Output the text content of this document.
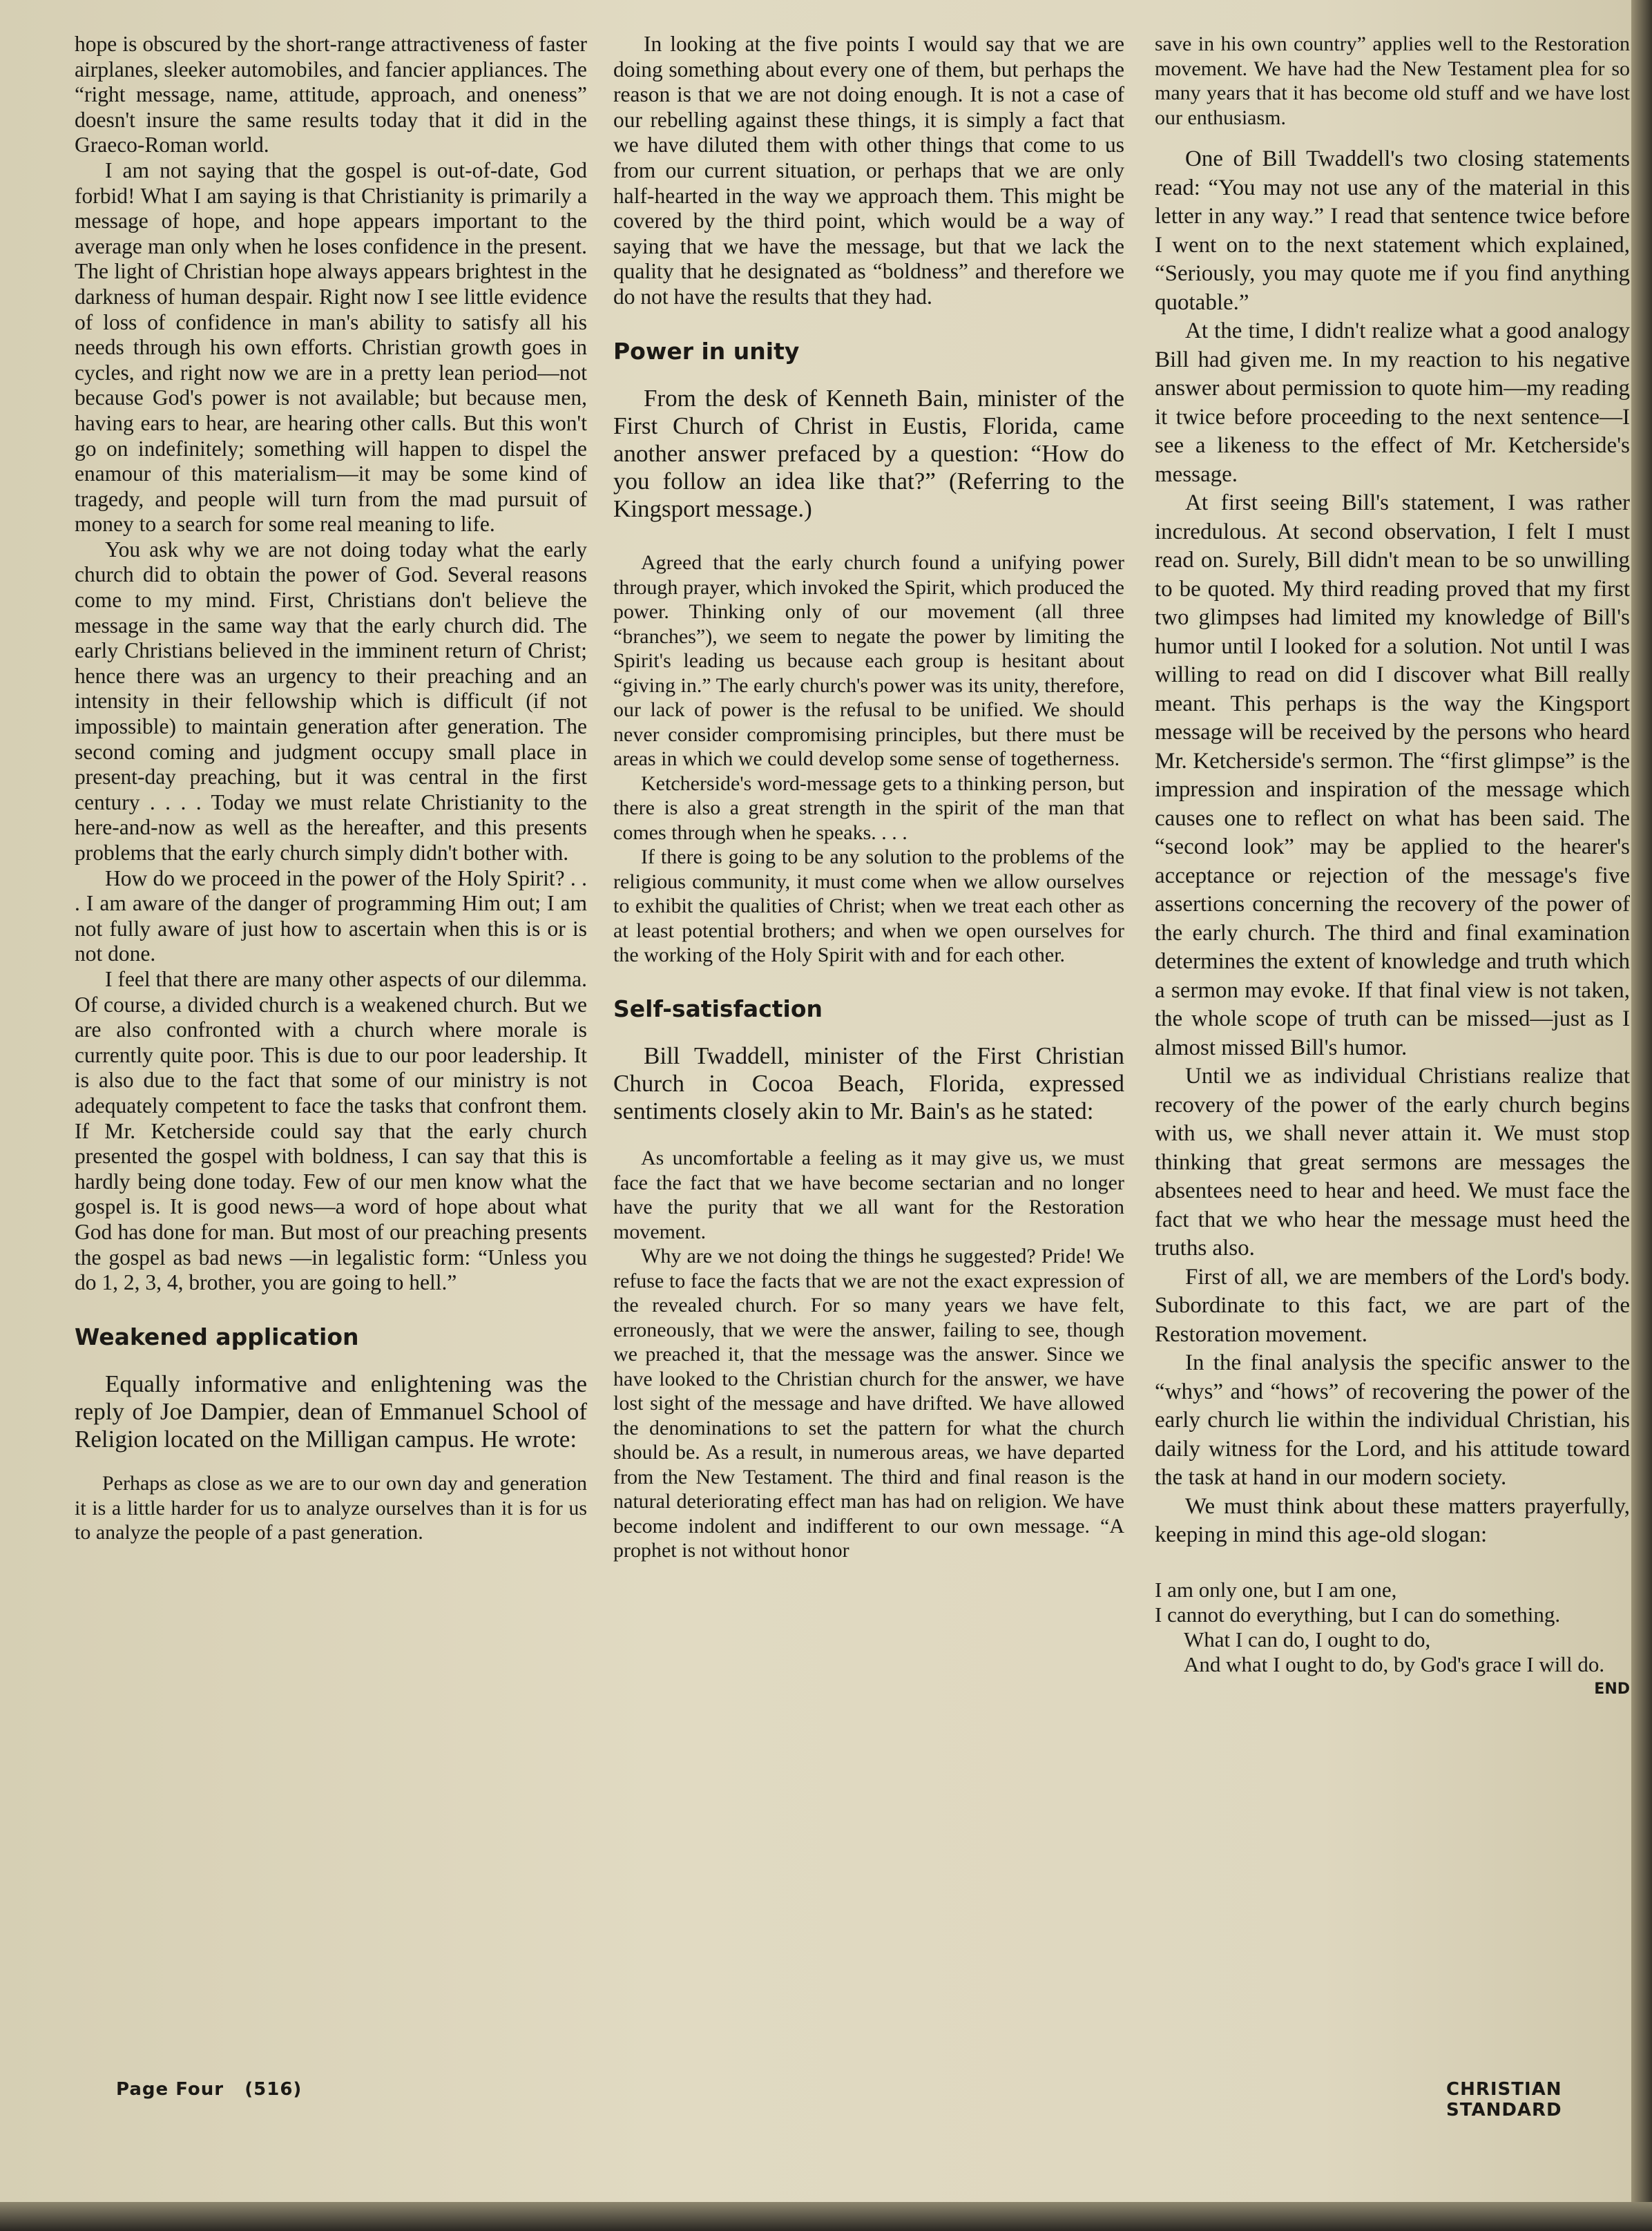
hope is obscured by the short-range attractiveness of faster airplanes, sleeker automobiles, and fancier appliances. The “right message, name, attitude, approach, and oneness” doesn't insure the same results today that it did in the Graeco-Roman world.

I am not saying that the gospel is out-of-date, God forbid! What I am saying is that Christianity is primarily a message of hope, and hope appears important to the average man only when he loses confidence in the present. The light of Christian hope always appears brightest in the darkness of human despair. Right now I see little evidence of loss of confidence in man's ability to satisfy all his needs through his own efforts. Christian growth goes in cycles, and right now we are in a pretty lean period—not because God's power is not available; but because men, having ears to hear, are hearing other calls. But this won't go on indefinitely; something will happen to dispel the enamour of this materialism—it may be some kind of tragedy, and people will turn from the mad pursuit of money to a search for some real meaning to life.

You ask why we are not doing today what the early church did to obtain the power of God. Several reasons come to my mind. First, Christians don't believe the message in the same way that the early church did. The early Christians believed in the imminent return of Christ; hence there was an urgency to their preaching and an intensity in their fellowship which is difficult (if not impossible) to maintain generation after generation. The second coming and judgment occupy small place in present-day preaching, but it was central in the first century . . . . Today we must relate Christianity to the here-and-now as well as the hereafter, and this presents problems that the early church simply didn't bother with.

How do we proceed in the power of the Holy Spirit? . . . I am aware of the danger of programming Him out; I am not fully aware of just how to ascertain when this is or is not done.

I feel that there are many other aspects of our dilemma. Of course, a divided church is a weakened church. But we are also confronted with a church where morale is currently quite poor. This is due to our poor leadership. It is also due to the fact that some of our ministry is not adequately competent to face the tasks that confront them. If Mr. Ketcherside could say that the early church presented the gospel with boldness, I can say that this is hardly being done today. Few of our men know what the gospel is. It is good news—a word of hope about what God has done for man. But most of our preaching presents the gospel as bad news —in legalistic form: “Unless you do 1, 2, 3, 4, brother, you are going to hell.”

Weakened application

Equally informative and enlightening was the reply of Joe Dampier, dean of Emmanuel School of Religion located on the Milligan campus. He wrote:

Perhaps as close as we are to our own day and generation it is a little harder for us to analyze ourselves than it is for us to analyze the people of a past generation.

In looking at the five points I would say that we are doing something about every one of them, but perhaps the reason is that we are not doing enough. It is not a case of our rebelling against these things, it is simply a fact that we have diluted them with other things that come to us from our current situation, or perhaps that we are only half-hearted in the way we approach them. This might be covered by the third point, which would be a way of saying that we have the message, but that we lack the quality that he designated as “boldness” and therefore we do not have the results that they had.

Power in unity

From the desk of Kenneth Bain, minister of the First Church of Christ in Eustis, Florida, came another answer prefaced by a question: “How do you follow an idea like that?” (Referring to the Kingsport message.)

Agreed that the early church found a unifying power through prayer, which invoked the Spirit, which produced the power. Thinking only of our movement (all three “branches”), we seem to negate the power by limiting the Spirit's leading us because each group is hesitant about “giving in.” The early church's power was its unity, therefore, our lack of power is the refusal to be unified. We should never consider compromising principles, but there must be areas in which we could develop some sense of togetherness.

Ketcherside's word-message gets to a thinking person, but there is also a great strength in the spirit of the man that comes through when he speaks. . . .

If there is going to be any solution to the problems of the religious community, it must come when we allow ourselves to exhibit the qualities of Christ; when we treat each other as at least potential brothers; and when we open ourselves for the working of the Holy Spirit with and for each other.

Self-satisfaction

Bill Twaddell, minister of the First Christian Church in Cocoa Beach, Florida, expressed sentiments closely akin to Mr. Bain's as he stated:

As uncomfortable a feeling as it may give us, we must face the fact that we have become sectarian and no longer have the purity that we all want for the Restoration movement.

Why are we not doing the things he suggested? Pride! We refuse to face the facts that we are not the exact expression of the revealed church. For so many years we have felt, erroneously, that we were the answer, failing to see, though we preached it, that the message was the answer. Since we have looked to the Christian church for the answer, we have lost sight of the message and have drifted. We have allowed the denominations to set the pattern for what the church should be. As a result, in numerous areas, we have departed from the New Testament. The third and final reason is the natural deteriorating effect man has had on religion. We have become indolent and indifferent to our own message. “A prophet is not without honor

save in his own country” applies well to the Restoration movement. We have had the New Testament plea for so many years that it has become old stuff and we have lost our enthusiasm.

One of Bill Twaddell's two closing statements read: “You may not use any of the material in this letter in any way.” I read that sentence twice before I went on to the next statement which explained, “Seriously, you may quote me if you find anything quotable.”

At the time, I didn't realize what a good analogy Bill had given me. In my reaction to his negative answer about permission to quote him—my reading it twice before proceeding to the next sentence—I see a likeness to the effect of Mr. Ketcherside's message.

At first seeing Bill's statement, I was rather incredulous. At second observation, I felt I must read on. Surely, Bill didn't mean to be so unwilling to be quoted. My third reading proved that my first two glimpses had limited my knowledge of Bill's humor until I looked for a solution. Not until I was willing to read on did I discover what Bill really meant. This perhaps is the way the Kingsport message will be received by the persons who heard Mr. Ketcherside's sermon. The “first glimpse” is the impression and inspiration of the message which causes one to reflect on what has been said. The “second look” may be applied to the hearer's acceptance or rejection of the message's five assertions concerning the recovery of the power of the early church. The third and final examination determines the extent of knowledge and truth which a sermon may evoke. If that final view is not taken, the whole scope of truth can be missed—just as I almost missed Bill's humor.

Until we as individual Christians realize that recovery of the power of the early church begins with us, we shall never attain it. We must stop thinking that great sermons are messages the absentees need to hear and heed. We must face the fact that we who hear the message must heed the truths also.

First of all, we are members of the Lord's body. Subordinate to this fact, we are part of the Restoration movement.

In the final analysis the specific answer to the “whys” and “hows” of recovering the power of the early church lie within the individual Christian, his daily witness for the Lord, and his attitude toward the task at hand in our modern society.

We must think about these matters prayerfully, keeping in mind this age-old slogan:

I am only one, but I am one,
I cannot do everything, but I can do something.
What I can do, I ought to do,
And what I ought to do, by God's grace I will do.
END
Page Four   (516)	CHRISTIAN STANDARD
